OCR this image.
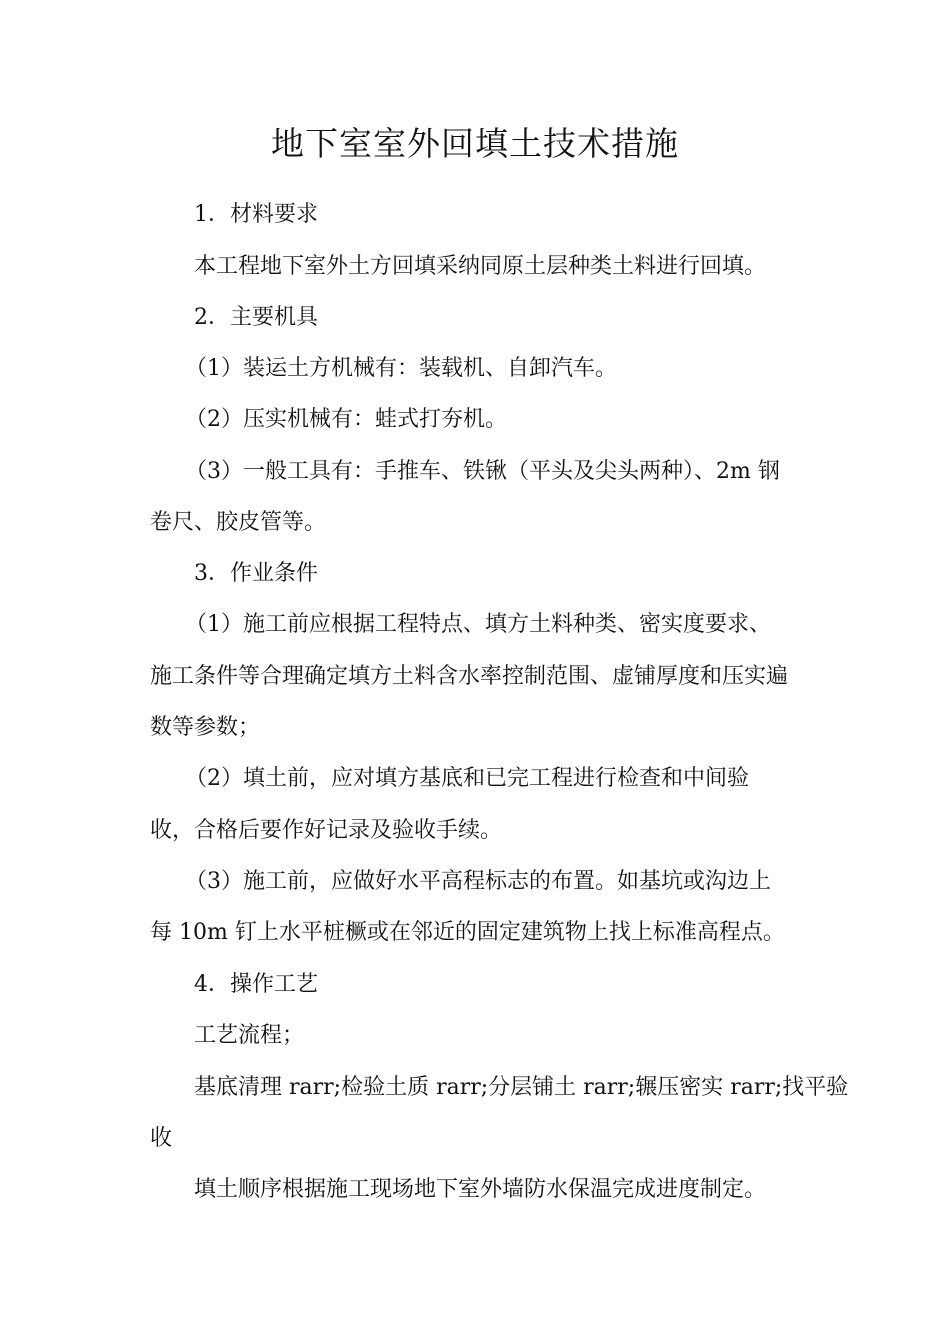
地下室室外回填土技术措施
1．材料要求
本工程地下室外土方回填采纳同原土层种类土料进行回填。
2．主要机具
（1）装运土方机械有：装载机、自卸汽车。
（2）压实机械有：蛙式打夯机。
（3）一般工具有：手推车、铁锹（平头及尖头两种）、2m 钢
卷尺、胶皮管等。
3．作业条件
（1）施工前应根据工程特点、填方土料种类、密实度要求、
施工条件等合理确定填方土料含水率控制范围、虚铺厚度和压实遍
数等参数；
（2）填土前，应对填方基底和已完工程进行检查和中间验
收，合格后要作好记录及验收手续。
（3）施工前，应做好水平高程标志的布置。如基坑或沟边上
每 10m 钉上水平桩橛或在邻近的固定建筑物上找上标准高程点。
4．操作工艺
工艺流程；
基底清理 rarr;检验土质 rarr;分层铺土 rarr;辗压密实 rarr;找平验
收
填土顺序根据施工现场地下室外墙防水保温完成进度制定。
